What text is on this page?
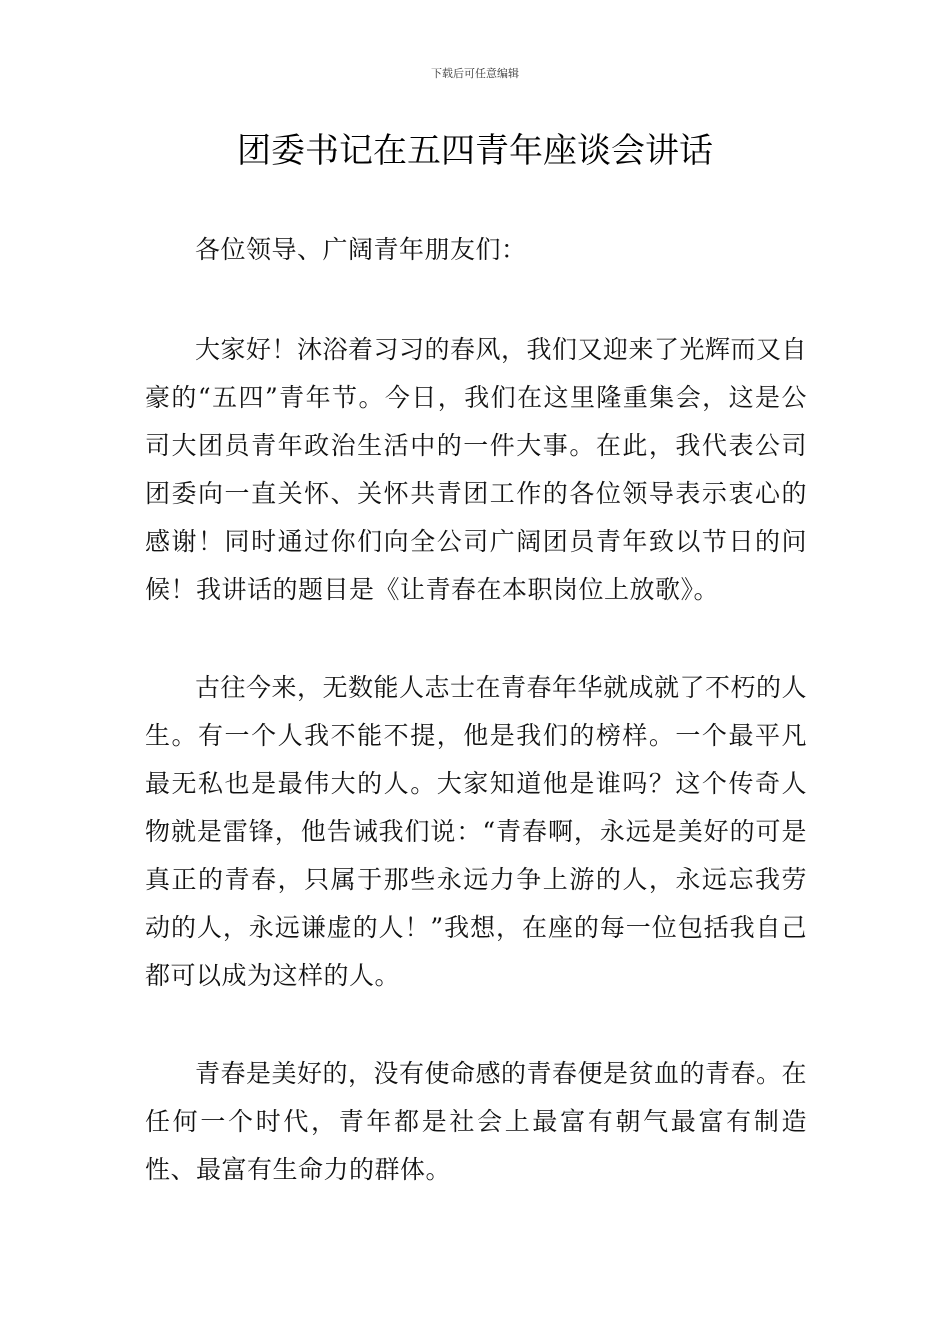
下载后可任意编辑
团委书记在五四青年座谈会讲话

各位领导、广阔青年朋友们：

大家好！沐浴着习习的春风，我们又迎来了光辉而又自豪的“五四”青年节。今日，我们在这里隆重集会，这是公司大团员青年政治生活中的一件大事。在此，我代表公司团委向一直关怀、关怀共青团工作的各位领导表示衷心的感谢！同时通过你们向全公司广阔团员青年致以节日的问候！我讲话的题目是《让青春在本职岗位上放歌》。

古往今来，无数能人志士在青春年华就成就了不朽的人生。有一个人我不能不提，他是我们的榜样。一个最平凡最无私也是最伟大的人。大家知道他是谁吗？这个传奇人物就是雷锋，他告诫我们说：“青春啊，永远是美好的可是真正的青春，只属于那些永远力争上游的人，永远忘我劳动的人，永远谦虚的人！”我想，在座的每一位包括我自己都可以成为这样的人。

青春是美好的，没有使命感的青春便是贫血的青春。在任何一个时代，青年都是社会上最富有朝气最富有制造性、最富有生命力的群体。
